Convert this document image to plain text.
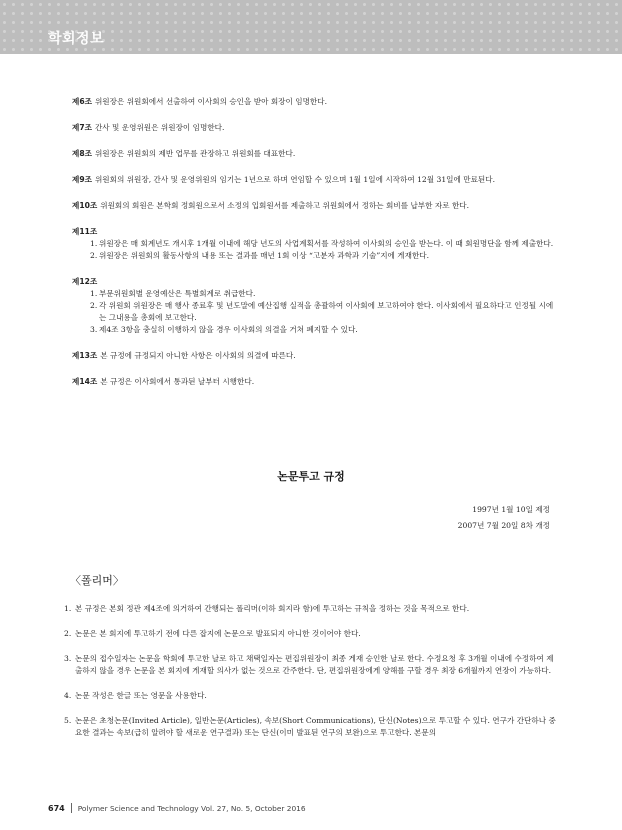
학회정보
제6조 위원장은 위원회에서 선출하여 이사회의 승인을 받아 회장이 임명한다.
제7조 간사 및 운영위원은 위원장이 임명한다.
제8조 위원장은 위원회의 제반 업무를 관장하고 위원회를 대표한다.
제9조 위원회의 위원장, 간사 및 운영위원의 임기는 1년으로 하며 연임할 수 있으며 1월 1일에 시작하여 12월 31일에 만료된다.
제10조 위원회의 회원은 본학회 정회원으로서 소정의 입회원서를 제출하고 위원회에서 정하는 회비를 납부한 자로 한다.
제11조
1. 위원장은 매 회계년도 개시후 1개월 이내에 해당 년도의 사업계획서를 작성하여 이사회의 승인을 받는다. 이 때 회원명단을 함께 제출한다.
2. 위원장은 위원회의 활동사항의 내용 또는 결과를 매년 1회 이상 “고분자 과학과 기술”지에 게재한다.
제12조
1. 부문위원회별 운영예산은 특별회계로 취급한다.
2. 각 위원회 위원장은 매 행사 종료후 및 년도말에 예산집행 실적을 총괄하여 이사회에 보고하여야 한다. 이사회에서 필요하다고 인정될 시에는 그내용을 총회에 보고한다.
3. 제4조 3항을 충실히 이행하지 않을 경우 이사회의 의결을 거쳐 폐지할 수 있다.
제13조 본 규정에 규정되지 아니한 사항은 이사회의 의결에 따른다.
제14조 본 규정은 이사회에서 통과된 날부터 시행한다.
논문투고 규정
1997년 1월 10일 제정
2007년 7월 20일 8차 개정
〈폴리머〉
1. 본 규정은 본회 정관 제4조에 의거하여 간행되는 폴리머(이하 회지라 함)에 투고하는 규칙을 정하는 것을 목적으로 한다.
2. 논문은 본 회지에 투고하기 전에 다른 잡지에 논문으로 발표되지 아니한 것이어야 한다.
3. 논문의 접수일자는 논문을 학회에 투고한 날로 하고 채택일자는 편집위원장이 최종 게재 승인한 날로 한다. 수정요청 후 3개월 이내에 수정하여 제출하지 않을 경우 논문을 본 회지에 게재할 의사가 없는 것으로 간주한다. 단, 편집위원장에게 양해를 구할 경우 최장 6개월까지 연장이 가능하다.
4. 논문 작성은 한글 또는 영문을 사용한다.
5. 논문은 초청논문(Invited Article), 일반논문(Articles), 속보(Short Communications), 단신(Notes)으로 투고할 수 있다. 연구가 간단하나 중요한 결과는 속보(급히 알려야 할 새로운 연구결과) 또는 단신(이미 발표된 연구의 보완)으로 투고한다. 본문의
674 Polymer Science and Technology Vol. 27, No. 5, October 2016
